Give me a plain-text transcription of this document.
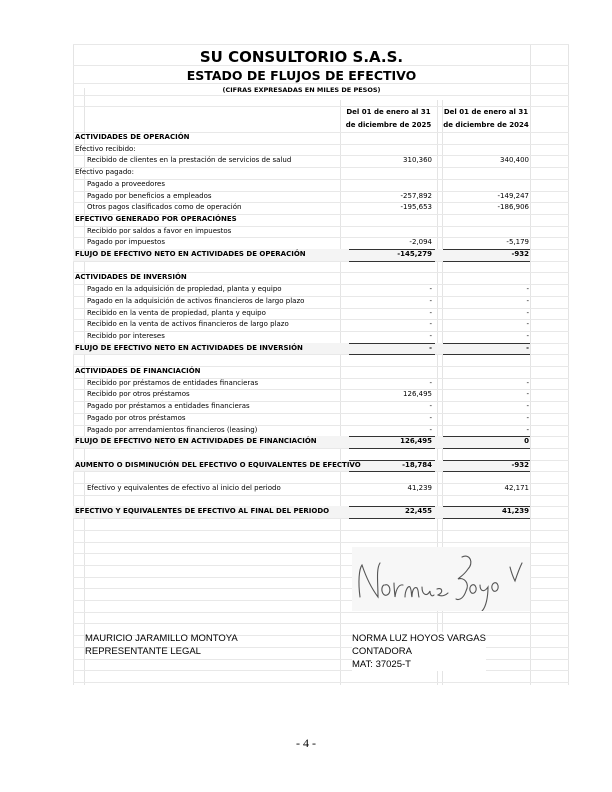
SU CONSULTORIO S.A.S.
ESTADO DE FLUJOS DE EFECTIVO
(CIFRAS EXPRESADAS EN MILES DE PESOS)
Del 01 de enero al 31
de diciembre de 2025
Del 01 de enero al 31
de diciembre de 2024
ACTIVIDADES DE OPERACIÓN
Efectivo recibido:
Recibido de clientes en la prestación de servicios de salud	310,360	340,400
Efectivo pagado:
Pagado a proveedores
Pagado por beneficios a empleados	-257,892	-149,247
Otros pagos clasificados como de operación	-195,653	-186,906
EFECTIVO GENERADO POR OPERACIÓNES
Recibido por saldos a favor en impuestos
Pagado por impuestos	-2,094	-5,179
FLUJO DE EFECTIVO NETO EN ACTIVIDADES DE OPERACIÓN	-145,279	-932
ACTIVIDADES DE INVERSIÓN
Pagado en la adquisición de propiedad, planta y equipo	-	-
Pagado en la adquisición de activos financieros de largo plazo	-	-
Recibido en la venta de propiedad, planta y equipo	-	-
Recibido en la venta de activos financieros de largo plazo	-	-
Recibido por intereses	-	-
FLUJO DE EFECTIVO NETO EN ACTIVIDADES DE INVERSIÓN	-	-
ACTIVIDADES DE FINANCIACIÓN
Recibido por préstamos de entidades financieras	-	-
Recibido por otros préstamos	126,495	-
Pagado por préstamos a entidades financieras	-	-
Pagado por otros préstamos	-	-
Pagado por arrendamientos financieros (leasing)	-	-
FLUJO DE EFECTIVO NETO EN ACTIVIDADES DE FINANCIACIÓN	126,495	0
AUMENTO O DISMINUCIÓN DEL EFECTIVO O EQUIVALENTES DE EFECTIVO	-18,784	-932
Efectivo y equivalentes de efectivo al inicio del periodo	41,239	42,171
EFECTIVO Y EQUIVALENTES DE EFECTIVO AL FINAL DEL PERIODO	22,455	41,239
MAURICIO JARAMILLO MONTOYA
REPRESENTANTE LEGAL
NORMA LUZ HOYOS VARGAS
CONTADORA
MAT: 37025-T
- 4 -
